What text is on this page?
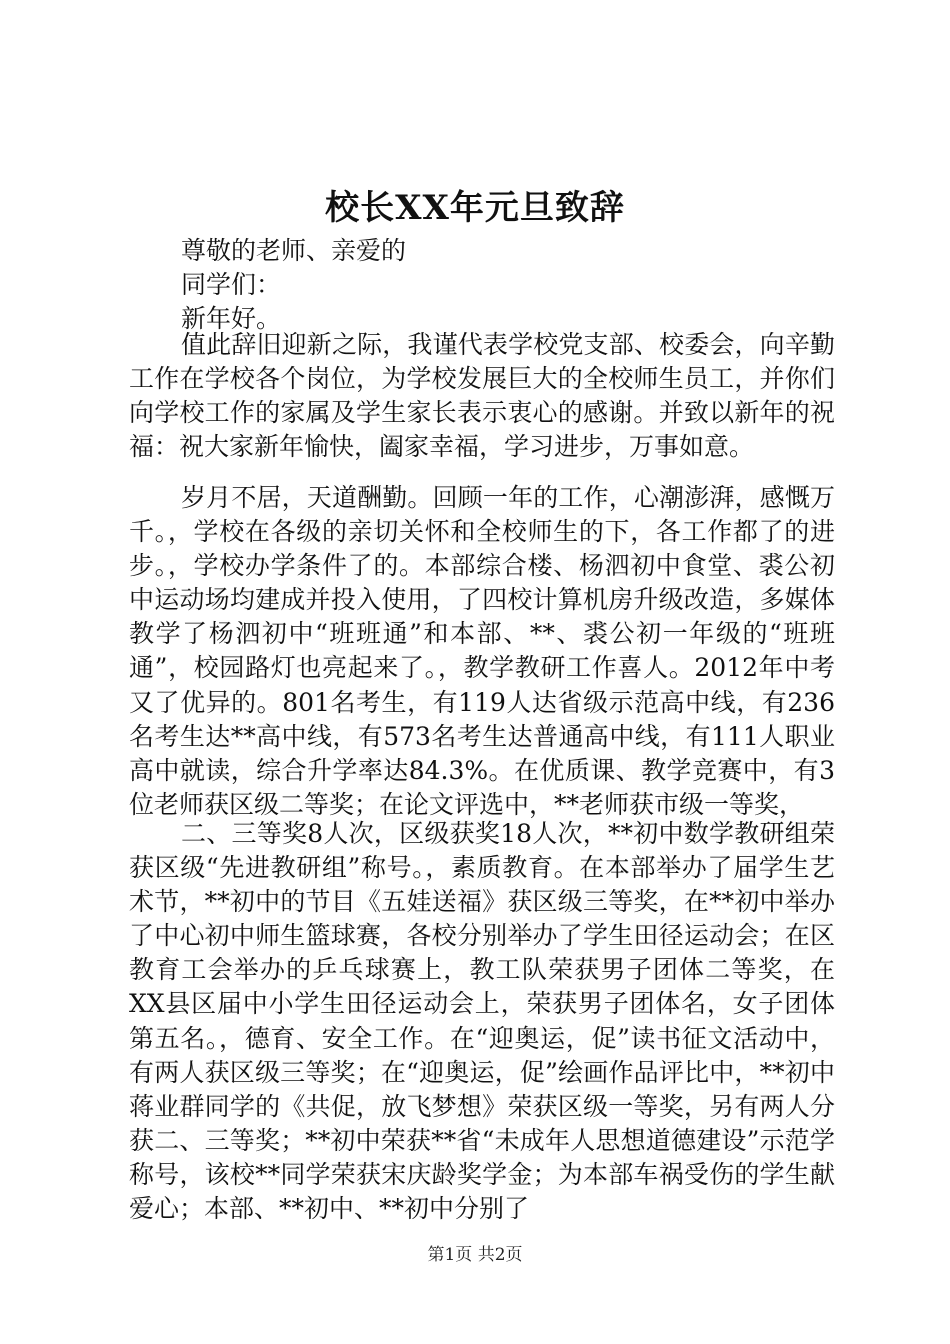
校长XX年元旦致辞

尊敬的老师、亲爱的

同学们：

新年好。

值此辞旧迎新之际，我谨代表学校党支部、校委会，向辛勤工作在学校各个岗位，为学校发展巨大的全校师生员工，并你们向学校工作的家属及学生家长表示衷心的感谢。并致以新年的祝福：祝大家新年愉快，阖家幸福，学习进步，万事如意。

岁月不居，天道酬勤。回顾一年的工作，心潮澎湃，感慨万千。，学校在各级的亲切关怀和全校师生的下，各工作都了的进步。，学校办学条件了的。本部综合楼、杨泗初中食堂、裘公初中运动场均建成并投入使用，了四校计算机房升级改造，多媒体教学了杨泗初中“班班通”和本部、**、裘公初一年级的“班班通”，校园路灯也亮起来了。，教学教研工作喜人。2012年中考又了优异的。801名考生，有119人达省级示范高中线，有236名考生达**高中线，有573名考生达普通高中线，有111人职业高中就读，综合升学率达84.3%。在优质课、教学竞赛中，有3位老师获区级二等奖；在论文评选中，**老师获市级一等奖，

二、三等奖8人次，区级获奖18人次，**初中数学教研组荣获区级“先进教研组”称号。，素质教育。在本部举办了届学生艺术节，**初中的节目《五娃送福》获区级三等奖，在**初中举办了中心初中师生篮球赛，各校分别举办了学生田径运动会；在区教育工会举办的乒乓球赛上，教工队荣获男子团体二等奖，在XX县区届中小学生田径运动会上，荣获男子团体名，女子团体第五名。，德育、安全工作。在“迎奥运，促”读书征文活动中，有两人获区级三等奖；在“迎奥运，促”绘画作品评比中，**初中蒋业群同学的《共促，放飞梦想》荣获区级一等奖，另有两人分获二、三等奖；**初中荣获**省“未成年人思想道德建设”示范学称号，该校**同学荣获宋庆龄奖学金；为本部车祸受伤的学生献爱心；本部、**初中、**初中分别了

第1页 共2页
